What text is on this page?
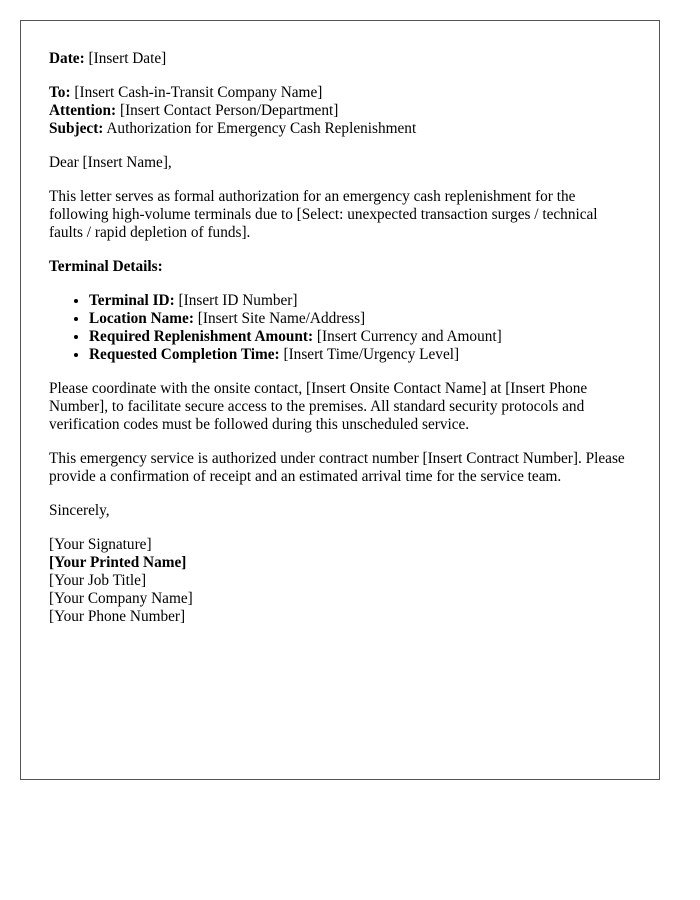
Date: [Insert Date]

To: [Insert Cash-in-Transit Company Name]

Attention: [Insert Contact Person/Department]

Subject: Authorization for Emergency Cash Replenishment

Dear [Insert Name],

This letter serves as formal authorization for an emergency cash replenishment for the following high-volume terminals due to [Select: unexpected transaction surges / technical faults / rapid depletion of funds].

Terminal Details:

• Terminal ID: [Insert ID Number]
• Location Name: [Insert Site Name/Address]
• Required Replenishment Amount: [Insert Currency and Amount]
• Requested Completion Time: [Insert Time/Urgency Level]

Please coordinate with the onsite contact, [Insert Onsite Contact Name] at [Insert Phone Number], to facilitate secure access to the premises. All standard security protocols and verification codes must be followed during this unscheduled service.

This emergency service is authorized under contract number [Insert Contract Number]. Please provide a confirmation of receipt and an estimated arrival time for the service team.

Sincerely,

[Your Signature]
[Your Printed Name]
[Your Job Title]
[Your Company Name]
[Your Phone Number]
